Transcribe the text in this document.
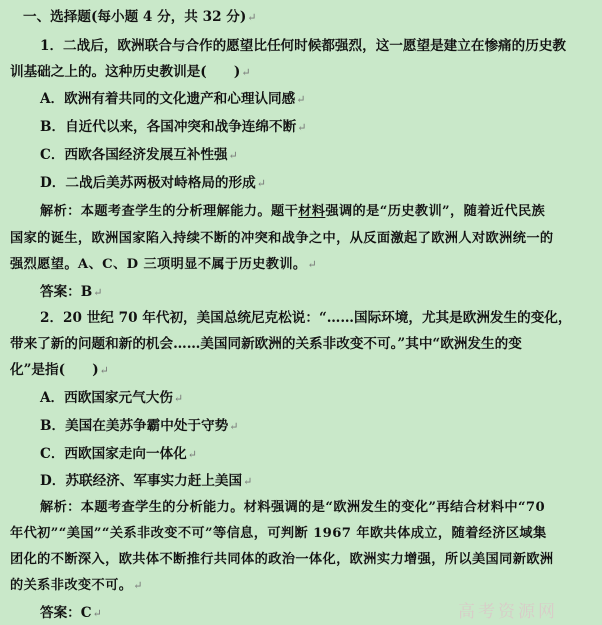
一、选择题(每小题 4 分，共 32 分)↵
1．二战后，欧洲联合与合作的愿望比任何时候都强烈，这一愿望是建立在惨痛的历史教
训基础之上的。这种历史教训是(　　)↵
A．欧洲有着共同的文化遗产和心理认同感↵
B．自近代以来，各国冲突和战争连绵不断↵
C．西欧各国经济发展互补性强↵
D．二战后美苏两极对峙格局的形成↵
解析：本题考查学生的分析理解能力。题干材料强调的是“历史教训”，随着近代民族
国家的诞生，欧洲国家陷入持续不断的冲突和战争之中，从反面激起了欧洲人对欧洲统一的
强烈愿望。A、C、D 三项明显不属于历史教训。↵
答案：B↵
2．20 世纪 70 年代初，美国总统尼克松说：“……国际环境，尤其是欧洲发生的变化，
带来了新的问题和新的机会……美国同新欧洲的关系非改变不可。”其中“欧洲发生的变
化”是指(　　)↵
A．西欧国家元气大伤↵
B．美国在美苏争霸中处于守势↵
C．西欧国家走向一体化↵
D．苏联经济、军事实力赶上美国↵
解析：本题考查学生的分析能力。材料强调的是“欧洲发生的变化”再结合材料中“70
年代初”“美国”“关系非改变不可”等信息，可判断 1967 年欧共体成立，随着经济区域集
团化的不断深入，欧共体不断推行共同体的政治一体化，欧洲实力增强，所以美国同新欧洲
的关系非改变不可。↵
答案：C↵	高考资源网
